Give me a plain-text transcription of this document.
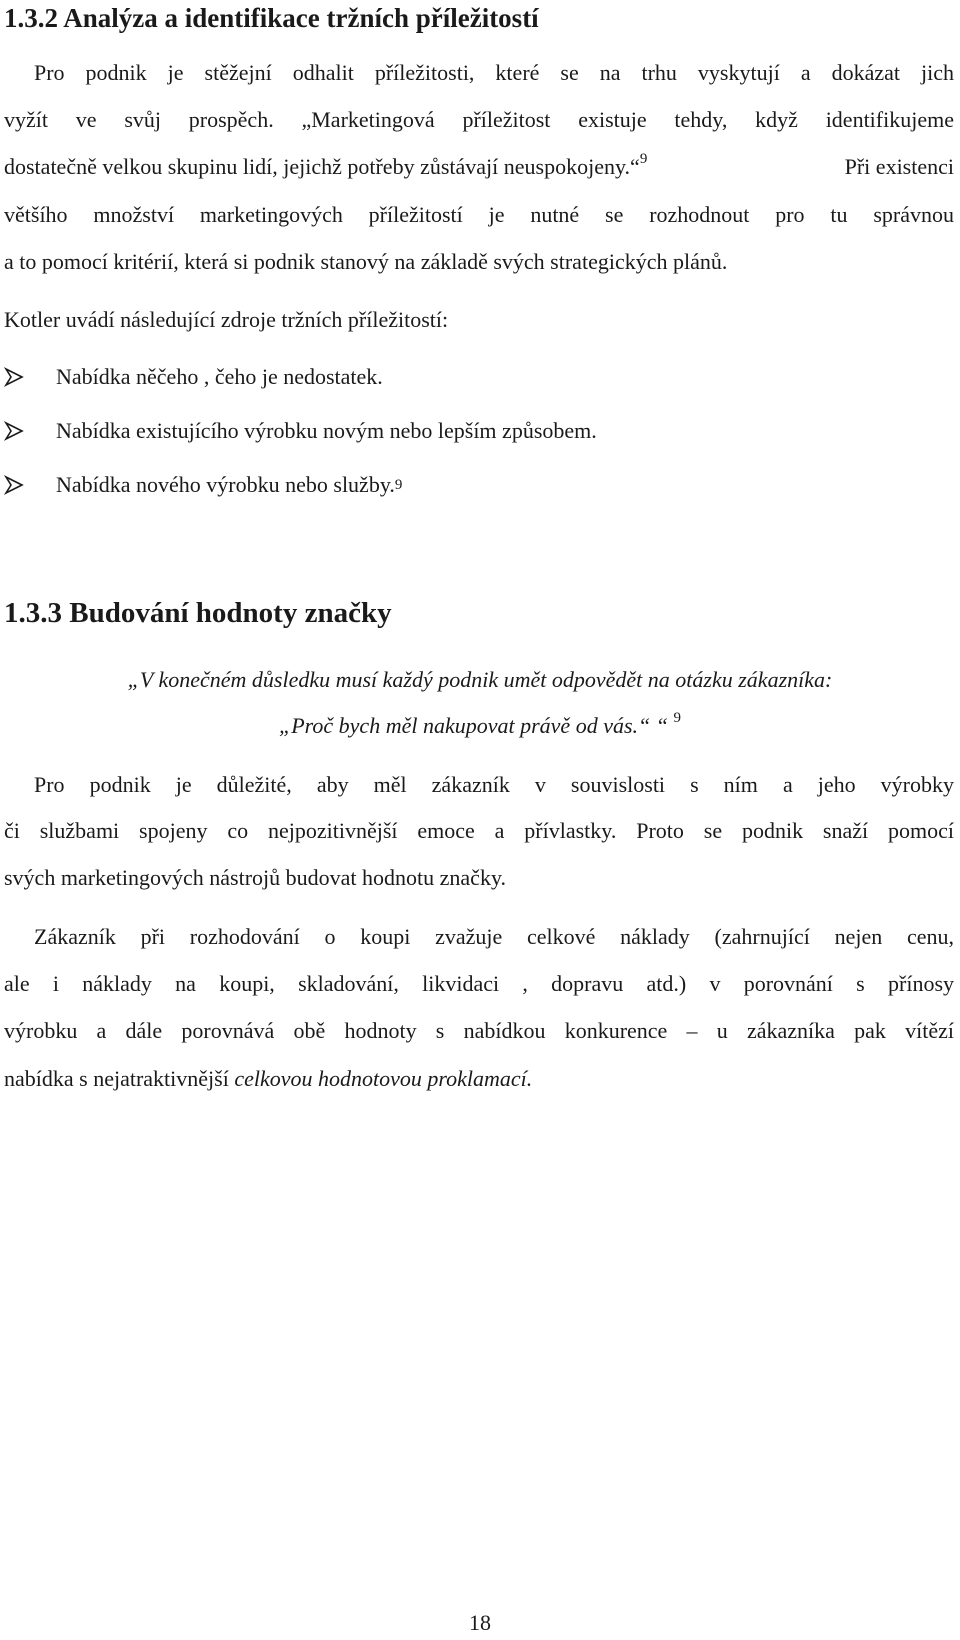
1.3.2 Analýza a identifikace tržních příležitostí

Pro podnik je stěžejní odhalit příležitosti, které se na trhu vyskytují a dokázat jich

vyžít ve svůj prospěch. „Marketingová příležitost existuje tehdy, když identifikujeme

dostatečně velkou skupinu lidí, jejichž potřeby zůstávají neuspokojeny.“$^9$	Při existenci

většího množství marketingových příležitostí je nutné se rozhodnout pro tu správnou

a to pomocí kritérií, která si podnik stanový na základě svých strategických plánů.

Kotler uvádí následující zdroje tržních příležitostí:

Nabídka něčeho , čeho je nedostatek.
Nabídka existujícího výrobku novým nebo lepším způsobem.
Nabídka nového výrobku nebo služby. 9
1.3.3 Budování hodnoty značky
„V konečném důsledku musí každý podnik umět odpovědět na otázku zákazníka:
„Proč bych měl nakupovat právě od vás.“ “ $^9$

Pro podnik je důležité, aby měl zákazník v souvislosti s ním a jeho výrobky

či službami spojeny co nejpozitivnější emoce a přívlastky. Proto se podnik snaží pomocí

svých marketingových nástrojů budovat hodnotu značky.

Zákazník při rozhodování o koupi zvažuje celkové náklady (zahrnující nejen cenu,

ale i náklady na koupi, skladování, likvidaci , dopravu atd.) v porovnání s přínosy

výrobku a dále porovnává obě hodnoty s nabídkou konkurence – u zákazníka pak vítězí

nabídka s nejatraktivnější celkovou hodnotovou proklamací.

18
